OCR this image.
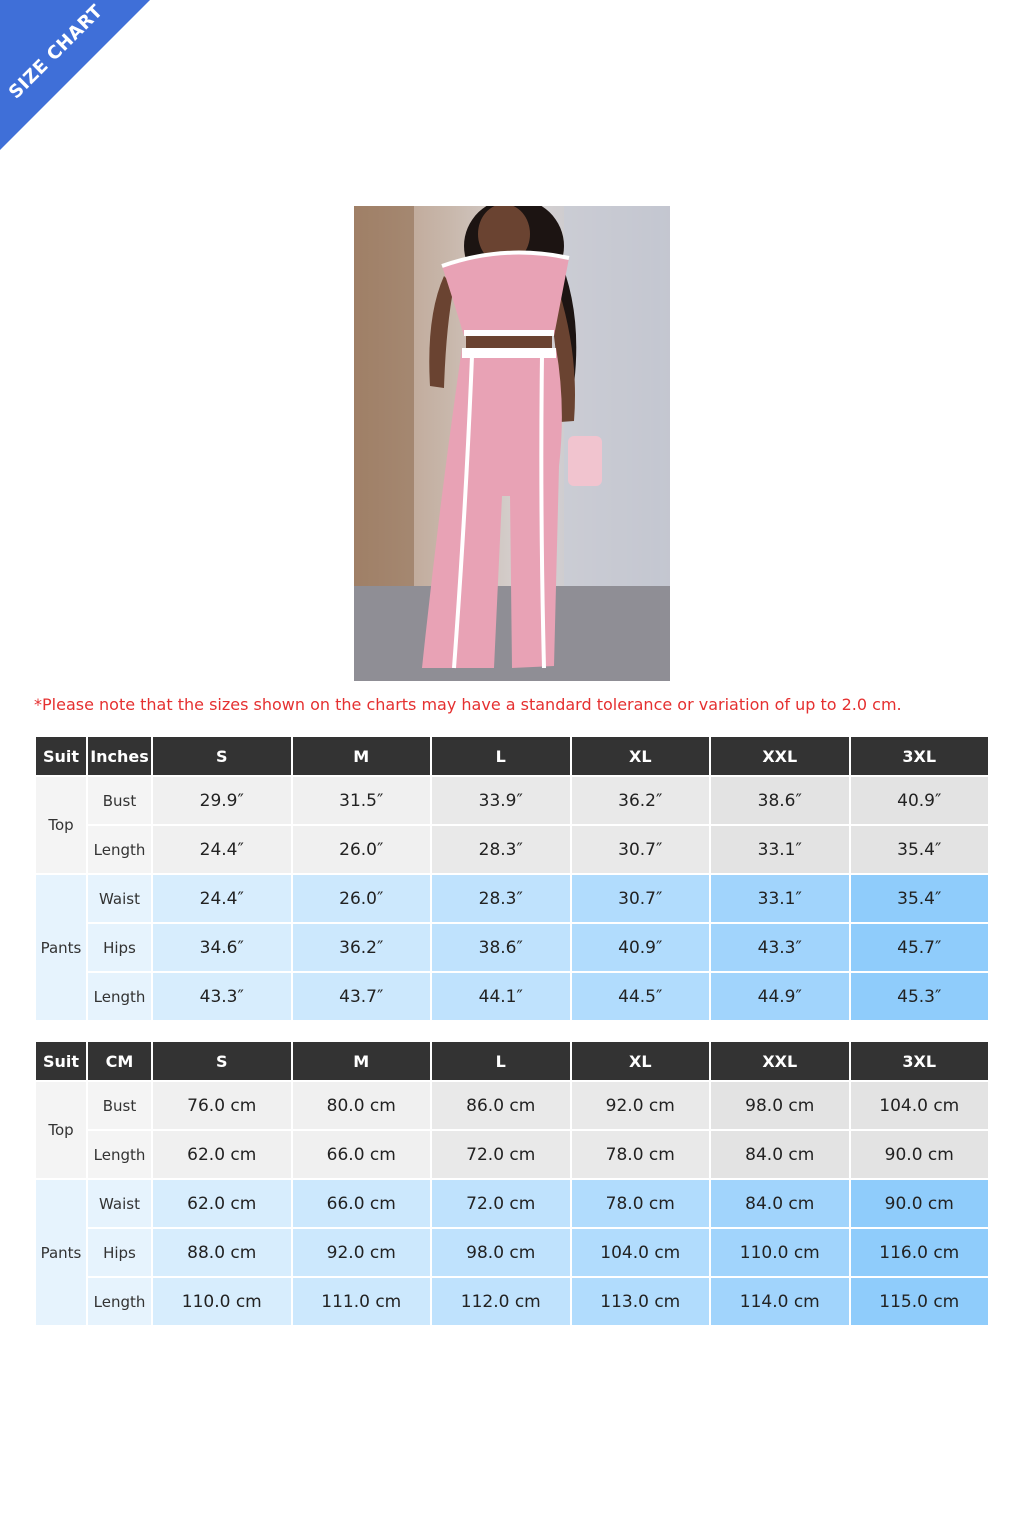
SIZE CHART
*Please note that the sizes shown on the charts may have a standard tolerance or variation of up to 2.0 cm.
Suit	Inches	S	M	L	XL	XXL	3XL
Top	Bust	29.9″	31.5″	33.9″	36.2″	38.6″	40.9″
	Length	24.4″	26.0″	28.3″	30.7″	33.1″	35.4″
Pants	Waist	24.4″	26.0″	28.3″	30.7″	33.1″	35.4″
	Hips	34.6″	36.2″	38.6″	40.9″	43.3″	45.7″
	Length	43.3″	43.7″	44.1″	44.5″	44.9″	45.3″
Suit	CM	S	M	L	XL	XXL	3XL
Top	Bust	76.0 cm	80.0 cm	86.0 cm	92.0 cm	98.0 cm	104.0 cm
	Length	62.0 cm	66.0 cm	72.0 cm	78.0 cm	84.0 cm	90.0 cm
Pants	Waist	62.0 cm	66.0 cm	72.0 cm	78.0 cm	84.0 cm	90.0 cm
	Hips	88.0 cm	92.0 cm	98.0 cm	104.0 cm	110.0 cm	116.0 cm
	Length	110.0 cm	111.0 cm	112.0 cm	113.0 cm	114.0 cm	115.0 cm
